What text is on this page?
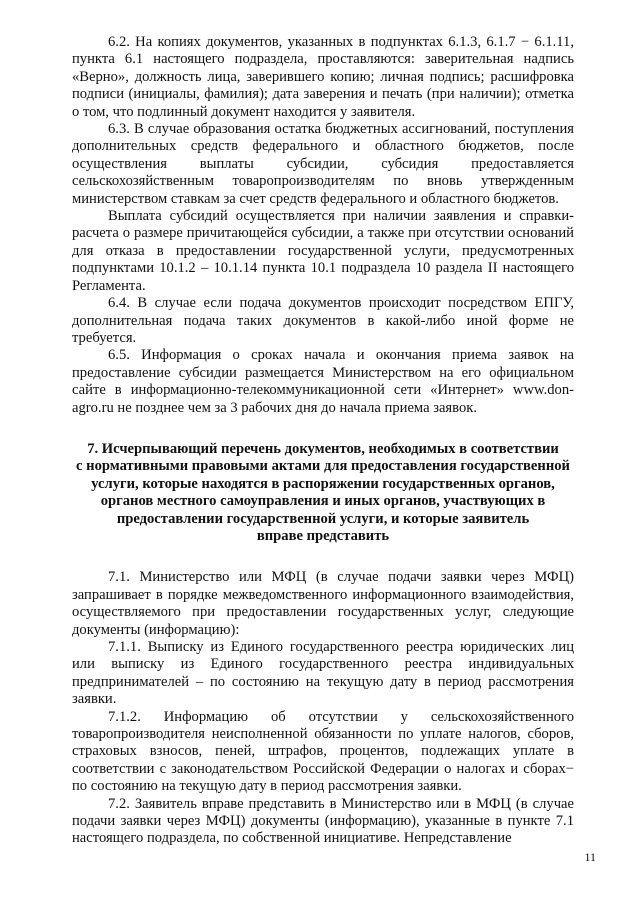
6.2. На копиях документов, указанных в подпунктах 6.1.3, 6.1.7 − 6.1.11, пункта 6.1 настоящего подраздела, проставляются: заверительная надпись «Верно», должность лица, заверившего копию; личная подпись; расшифровка подписи (инициалы, фамилия); дата заверения и печать (при наличии); отметка о том, что подлинный документ находится у заявителя.

6.3. В случае образования остатка бюджетных ассигнований, поступления дополнительных средств федерального и областного бюджетов, после осуществления выплаты субсидии, субсидия предоставляется сельскохозяйственным товаропроизводителям по вновь утвержденным министерством ставкам за счет средств федерального и областного бюджетов.

Выплата субсидий осуществляется при наличии заявления и справки-расчета о размере причитающейся субсидии, а также при отсутствии оснований для отказа в предоставлении государственной услуги, предусмотренных подпунктами 10.1.2 – 10.1.14 пункта 10.1 подраздела 10 раздела II настоящего Регламента.

6.4. В случае если подача документов происходит посредством ЕПГУ, дополнительная подача таких документов в какой-либо иной форме не требуется.

6.5. Информация о сроках начала и окончания приема заявок на предоставление субсидии размещается Министерством на его официальном сайте в информационно-телекоммуникационной сети «Интернет» www.don-agro.ru не позднее чем за 3 рабочих дня до начала приема заявок.

7. Исчерпывающий перечень документов, необходимых в соответствии
с нормативными правовыми актами для предоставления государственной
услуги, которые находятся в распоряжении государственных органов,
органов местного самоуправления и иных органов, участвующих в
предоставлении государственной услуги, и которые заявитель
вправе представить

7.1. Министерство или МФЦ (в случае подачи заявки через МФЦ) запрашивает в порядке межведомственного информационного взаимодействия, осуществляемого при предоставлении государственных услуг, следующие документы (информацию):

7.1.1. Выписку из Единого государственного реестра юридических лиц или выписку из Единого государственного реестра индивидуальных предпринимателей – по состоянию на текущую дату в период рассмотрения заявки.

7.1.2. Информацию об отсутствии у сельскохозяйственного товаропроизводителя неисполненной обязанности по уплате налогов, сборов, страховых взносов, пеней, штрафов, процентов, подлежащих уплате в соответствии с законодательством Российской Федерации о налогах и сборах− по состоянию на текущую дату в период рассмотрения заявки.

7.2. Заявитель вправе представить в Министерство или в МФЦ (в случае подачи заявки через МФЦ) документы (информацию), указанные в пункте 7.1 настоящего подраздела, по собственной инициативе. Непредставление

11
